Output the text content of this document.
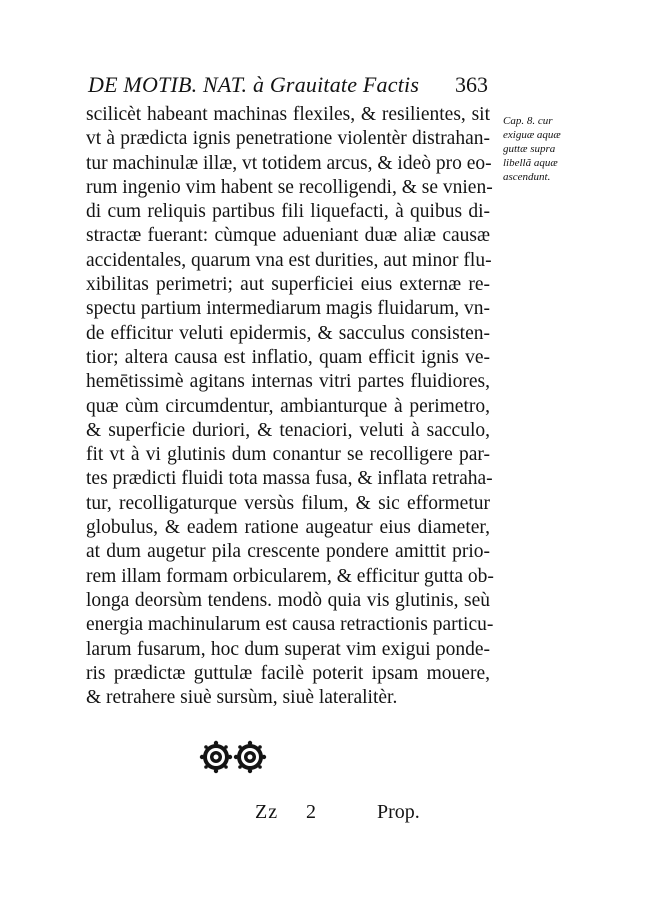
DE MOTIB. NAT. à Grauitate Factis 363
Cap. 8. cur
exiguæ aquæ
guttæ supra
libellã aquæ
ascendunt.
scilicèt habeant machinas flexiles, & resilientes, sit
vt à prædicta ignis penetratione violentèr distrahan-
tur machinulæ illæ, vt totidem arcus, & ideò pro eo-
rum ingenio vim habent se recolligendi, & se vnien-
di cum reliquis partibus fili liquefacti, à quibus di-
stractæ fuerant: cùmque adueniant duæ aliæ causæ
accidentales, quarum vna est durities, aut minor flu-
xibilitas perimetri; aut superficiei eius externæ re-
spectu partium intermediarum magis fluidarum, vn-
de efficitur veluti epidermis, & sacculus consisten-
tior; altera causa est inflatio, quam efficit ignis ve-
hemētissimè agitans internas vitri partes fluidiores,
quæ cùm circumdentur, ambianturque à perimetro,
& superficie duriori, & tenaciori, veluti à sacculo,
fit vt à vi glutinis dum conantur se recolligere par-
tes prædicti fluidi tota massa fusa, & inflata retraha-
tur, recolligaturque versùs filum, & sic efformetur
globulus, & eadem ratione augeatur eius diameter,
at dum augetur pila crescente pondere amittit prio-
rem illam formam orbicularem, & efficitur gutta ob-
longa deorsùm tendens. modò quia vis glutinis, seù
energia machinularum est causa retractionis particu-
larum fusarum, hoc dum superat vim exigui ponde-
ris prædictæ guttulæ facilè poterit ipsam mouere,
& retrahere siuè sursùm, siuè lateralitèr.
Zz 2	Prop.
